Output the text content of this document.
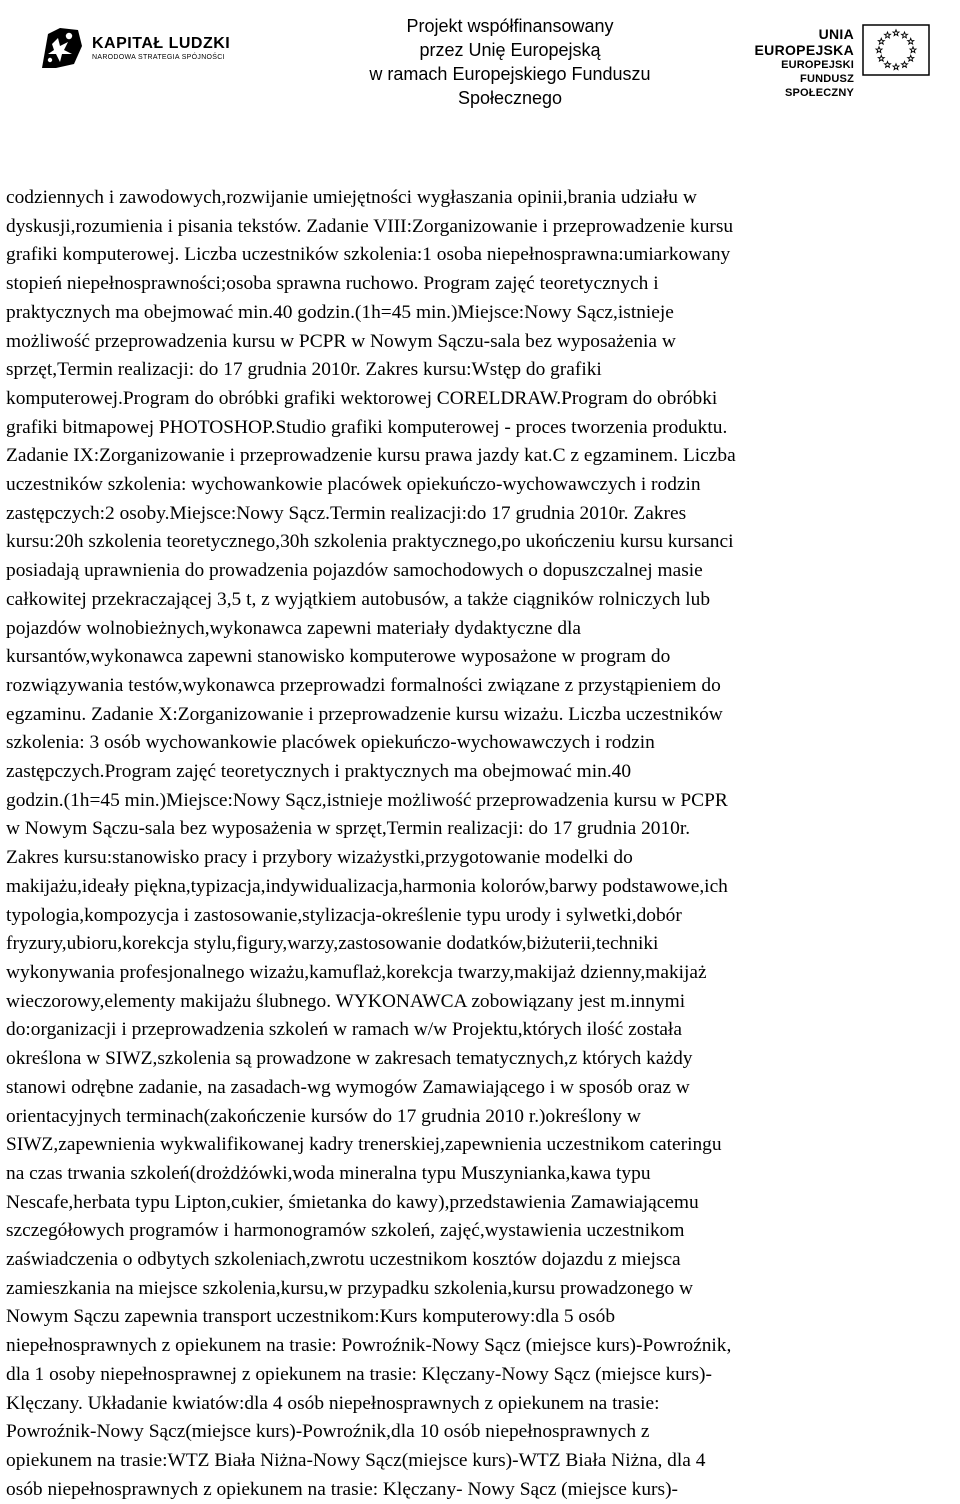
KAPITAŁ LUDZKI
NARODOWA STRATEGIA SPÓJNOŚCI
Projekt współfinansowany
przez Unię Europejską
w ramach Europejskiego Funduszu Społecznego
UNIA EUROPEJSKA
EUROPEJSKI
FUNDUSZ SPOŁECZNY
codziennych i zawodowych,rozwijanie umiejętności wygłaszania opinii,brania udziału w
dyskusji,rozumienia i pisania tekstów. Zadanie VIII:Zorganizowanie i przeprowadzenie kursu
grafiki komputerowej. Liczba uczestników szkolenia:1 osoba niepełnosprawna:umiarkowany
stopień niepełnosprawności;osoba sprawna ruchowo. Program zajęć teoretycznych i
praktycznych ma obejmować min.40 godzin.(1h=45 min.)Miejsce:Nowy Sącz,istnieje
możliwość przeprowadzenia kursu w PCPR w Nowym Sączu-sala bez wyposażenia w
sprzęt,Termin realizacji: do 17 grudnia 2010r. Zakres kursu:Wstęp do grafiki
komputerowej.Program do obróbki grafiki wektorowej CORELDRAW.Program do obróbki
grafiki bitmapowej PHOTOSHOP.Studio grafiki komputerowej - proces tworzenia produktu.
Zadanie IX:Zorganizowanie i przeprowadzenie kursu prawa jazdy kat.C z egzaminem. Liczba
uczestników szkolenia: wychowankowie placówek opiekuńczo-wychowawczych i rodzin
zastępczych:2 osoby.Miejsce:Nowy Sącz.Termin realizacji:do 17 grudnia 2010r. Zakres
kursu:20h szkolenia teoretycznego,30h szkolenia praktycznego,po ukończeniu kursu kursanci
posiadają uprawnienia do prowadzenia pojazdów samochodowych o dopuszczalnej masie
całkowitej przekraczającej 3,5 t, z wyjątkiem autobusów, a także ciągników rolniczych lub
pojazdów wolnobieżnych,wykonawca zapewni materiały dydaktyczne dla
kursantów,wykonawca zapewni stanowisko komputerowe wyposażone w program do
rozwiązywania testów,wykonawca przeprowadzi formalności związane z przystąpieniem do
egzaminu. Zadanie X:Zorganizowanie i przeprowadzenie kursu wizażu. Liczba uczestników
szkolenia: 3 osób wychowankowie placówek opiekuńczo-wychowawczych i rodzin
zastępczych.Program zajęć teoretycznych i praktycznych ma obejmować min.40
godzin.(1h=45 min.)Miejsce:Nowy Sącz,istnieje możliwość przeprowadzenia kursu w PCPR
w Nowym Sączu-sala bez wyposażenia w sprzęt,Termin realizacji: do 17 grudnia 2010r.
Zakres kursu:stanowisko pracy i przybory wizażystki,przygotowanie modelki do
makijażu,ideały piękna,typizacja,indywidualizacja,harmonia kolorów,barwy podstawowe,ich
typologia,kompozycja i zastosowanie,stylizacja-określenie typu urody i sylwetki,dobór
fryzury,ubioru,korekcja stylu,figury,warzy,zastosowanie dodatków,biżuterii,techniki
wykonywania profesjonalnego wizażu,kamuflaż,korekcja twarzy,makijaż dzienny,makijaż
wieczorowy,elementy makijażu ślubnego. WYKONAWCA zobowiązany jest m.innymi
do:organizacji i przeprowadzenia szkoleń w ramach w/w Projektu,których ilość została
określona w SIWZ,szkolenia są prowadzone w zakresach tematycznych,z których każdy
stanowi odrębne zadanie, na zasadach-wg wymogów Zamawiającego i w sposób oraz w
orientacyjnych terminach(zakończenie kursów do 17 grudnia 2010 r.)określony w
SIWZ,zapewnienia wykwalifikowanej kadry trenerskiej,zapewnienia uczestnikom cateringu
na czas trwania szkoleń(drożdżówki,woda mineralna typu Muszynianka,kawa typu
Nescafe,herbata typu Lipton,cukier, śmietanka do kawy),przedstawienia Zamawiającemu
szczegółowych programów i harmonogramów szkoleń, zajęć,wystawienia uczestnikom
zaświadczenia o odbytych szkoleniach,zwrotu uczestnikom kosztów dojazdu z miejsca
zamieszkania na miejsce szkolenia,kursu,w przypadku szkolenia,kursu prowadzonego w
Nowym Sączu zapewnia transport uczestnikom:Kurs komputerowy:dla 5 osób
niepełnosprawnych z opiekunem na trasie: Powroźnik-Nowy Sącz (miejsce kurs)-Powroźnik,
dla 1 osoby niepełnosprawnej z opiekunem na trasie: Klęczany-Nowy Sącz (miejsce kurs)-
Klęczany. Układanie kwiatów:dla 4 osób niepełnosprawnych z opiekunem na trasie:
Powroźnik-Nowy Sącz(miejsce kurs)-Powroźnik,dla 10 osób niepełnosprawnych z
opiekunem na trasie:WTZ Biała Niżna-Nowy Sącz(miejsce kurs)-WTZ Biała Niżna, dla 4
osób niepełnosprawnych z opiekunem na trasie: Klęczany- Nowy Sącz (miejsce kurs)-
